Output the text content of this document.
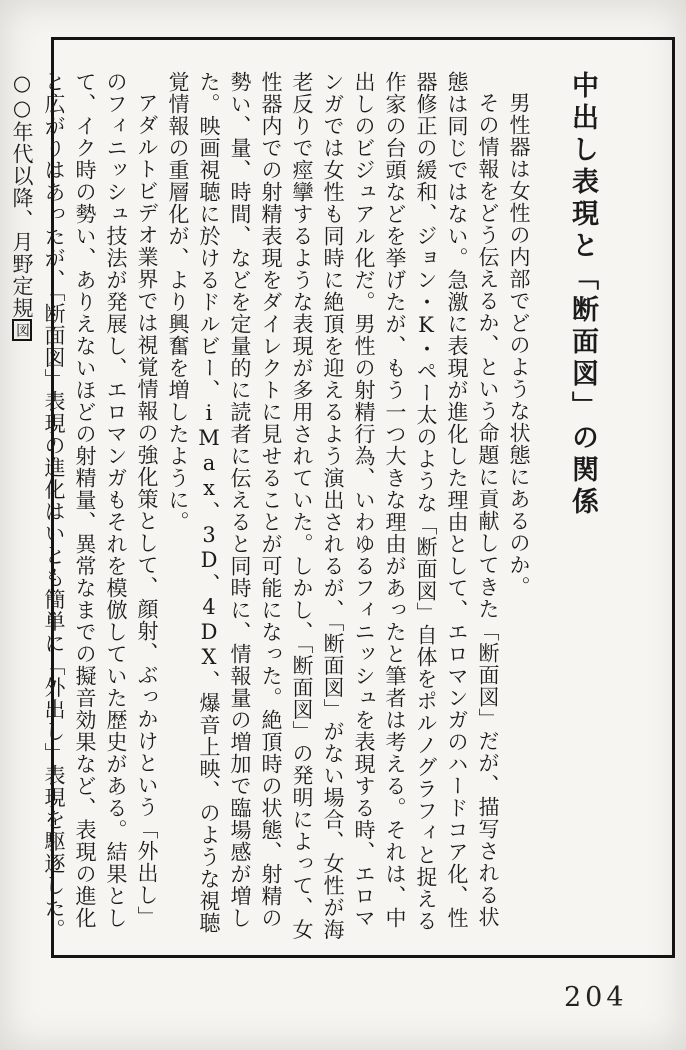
中出し表現と「断面図」の関係

男性器は女性の内部でどのような状態にあるのか。

その情報をどう伝えるか、という命題に貢献してきた「断面図」だが、描写される状態は同じではない。急激に表現が進化した理由として、エロマンガのハードコア化、性器修正の緩和、ジョン・K・ペー太のような「断面図」自体をポルノグラフィと捉える作家の台頭などを挙げたが、もう一つ大きな理由があったと筆者は考える。それは、中出しのビジュアル化だ。男性の射精行為、いわゆるフィニッシュを表現する時、エロマンガでは女性も同時に絶頂を迎えるよう演出されるが、「断面図」がない場合、女性が海老反りで痙攣するような表現が多用されていた。しかし、「断面図」の発明によって、女性器内での射精表現をダイレクトに見せることが可能になった。絶頂時の状態、射精の勢い、量、時間、などを定量的に読者に伝えると同時に、情報量の増加で臨場感が増した。映画視聴に於けるドルビー、iMax、3D、4DX、爆音上映、のような視聴覚情報の重層化が、より興奮を増したように。

アダルトビデオ業界では視覚情報の強化策として、顔射、ぶっかけという「外出し」のフィニッシュ技法が発展し、エロマンガもそれを模倣していた歴史がある。結果として、イク時の勢い、ありえないほどの射精量、異常なまでの擬音効果など、表現の進化と広がりはあったが、「断面図」表現の進化はいとも簡単に「外出し」表現を駆逐した。○○年代以降、月野定規図

204
